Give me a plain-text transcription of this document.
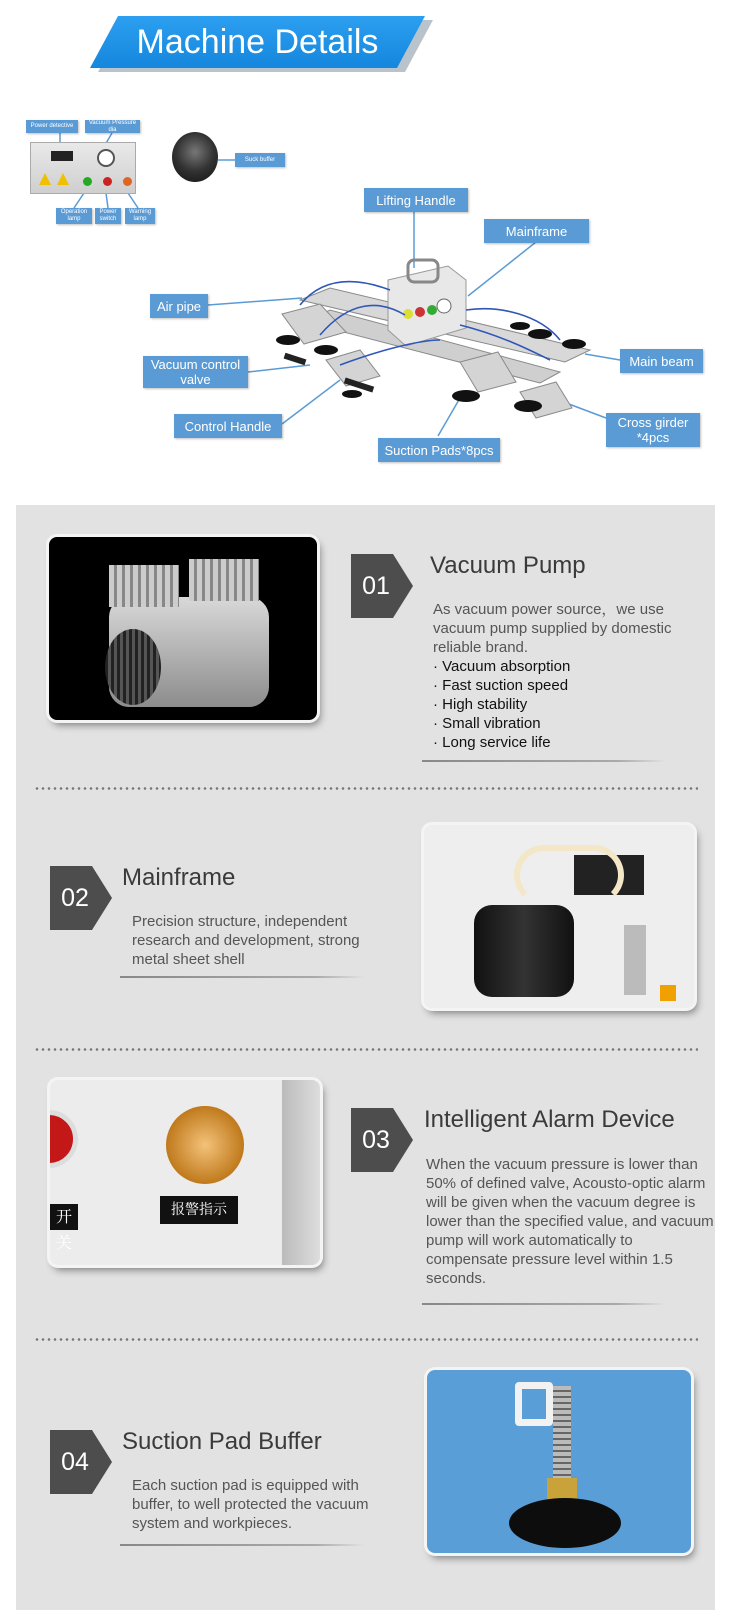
Machine Details
Power detective
Vacuum Pressure dia
Operation lamp
Power switch
Warning lamp
Suck buffer
Lifting Handle
Mainframe
Air pipe
Main beam
Vacuum control valve
Control Handle
Suction Pads*8pcs
Cross girder *4pcs
01
Vacuum Pump
As vacuum power source，we use vacuum pump supplied by domestic reliable brand.
· Vacuum absorption
· Fast suction speed
· High stability
· Small vibration
· Long service life
02
Mainframe
Precision structure, independent research and development, strong metal sheet shell
开关
报警指示
03
Intelligent Alarm Device
When the vacuum pressure is lower than 50% of defined valve, Acousto-optic alarm will be given when the vacuum degree is lower than the specified value, and vacuum pump will work automatically to compensate pressure level within 1.5 seconds.
04
Suction Pad Buffer
Each suction pad is equipped with buffer, to well protected the vacuum system and workpieces.
